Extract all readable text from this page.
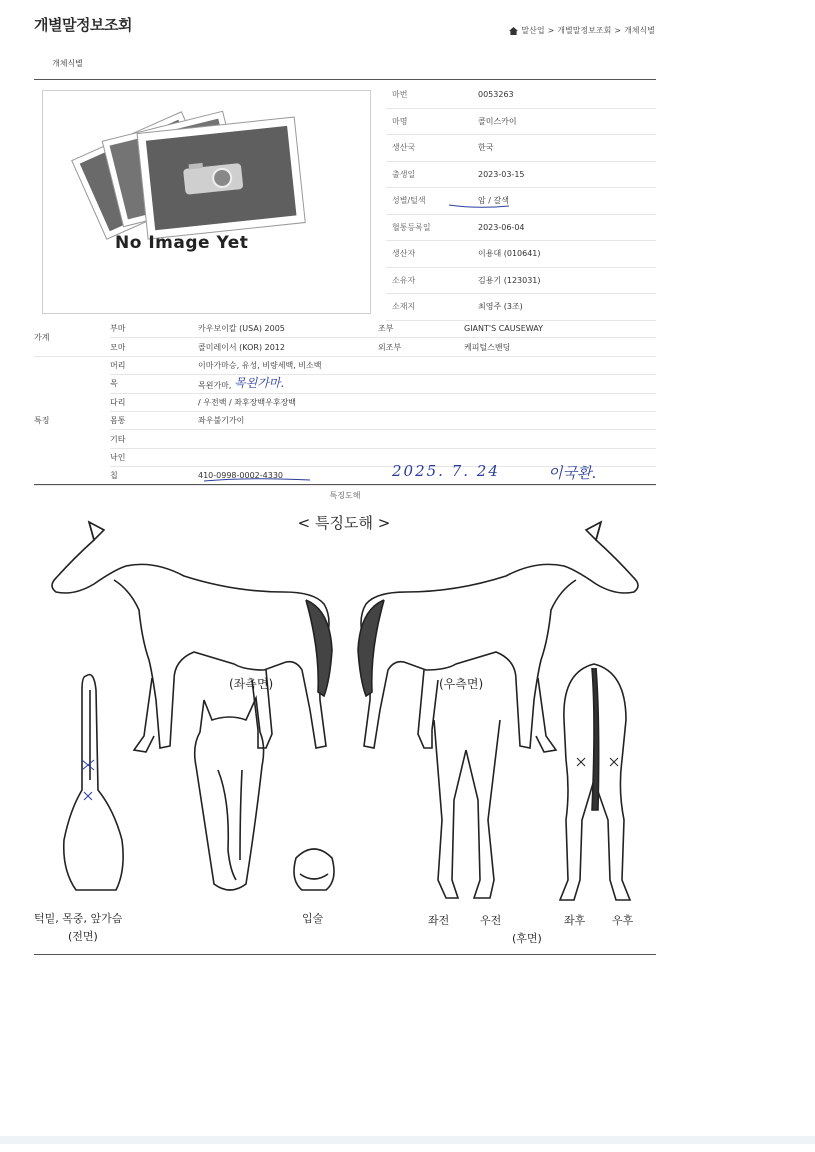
개별말정보조회	말산업 > 개별말정보조회 > 개체식별
개체식별
No Image Yet
마번	0053263
마명	콜미스카이
생산국	한국
출생일	2023-03-15
성별/털색	암 / 갈색
혈통등록일	2023-06-04
생산자	이용대 (010641)
소유자	김용기 (123031)
소재지	최영주 (3조)
가계	부마	카우보이칼 (USA) 2005	조부	GIANT'S CAUSEWAY
	모마	콜미레이서 (KOR) 2012	외조부	케피털스밴딩
특징	머리	이마가마승, 유성, 비량세백, 비소백		
	목	목왼가마, 목왼가마.		
	다리	/ 우전백 / 좌후장백우후장백		
	몸통	좌우불기가이		
	기타			
	낙인			
	칩	410-0998-0002-4330			2025. 7. 24	이국환.
특징도해
< 특징도해 >
(좌측면)	(우측면)
턱밑, 목중, 앞가슴
(전면)
입술	좌전	우전	좌후 우후
(후면)
